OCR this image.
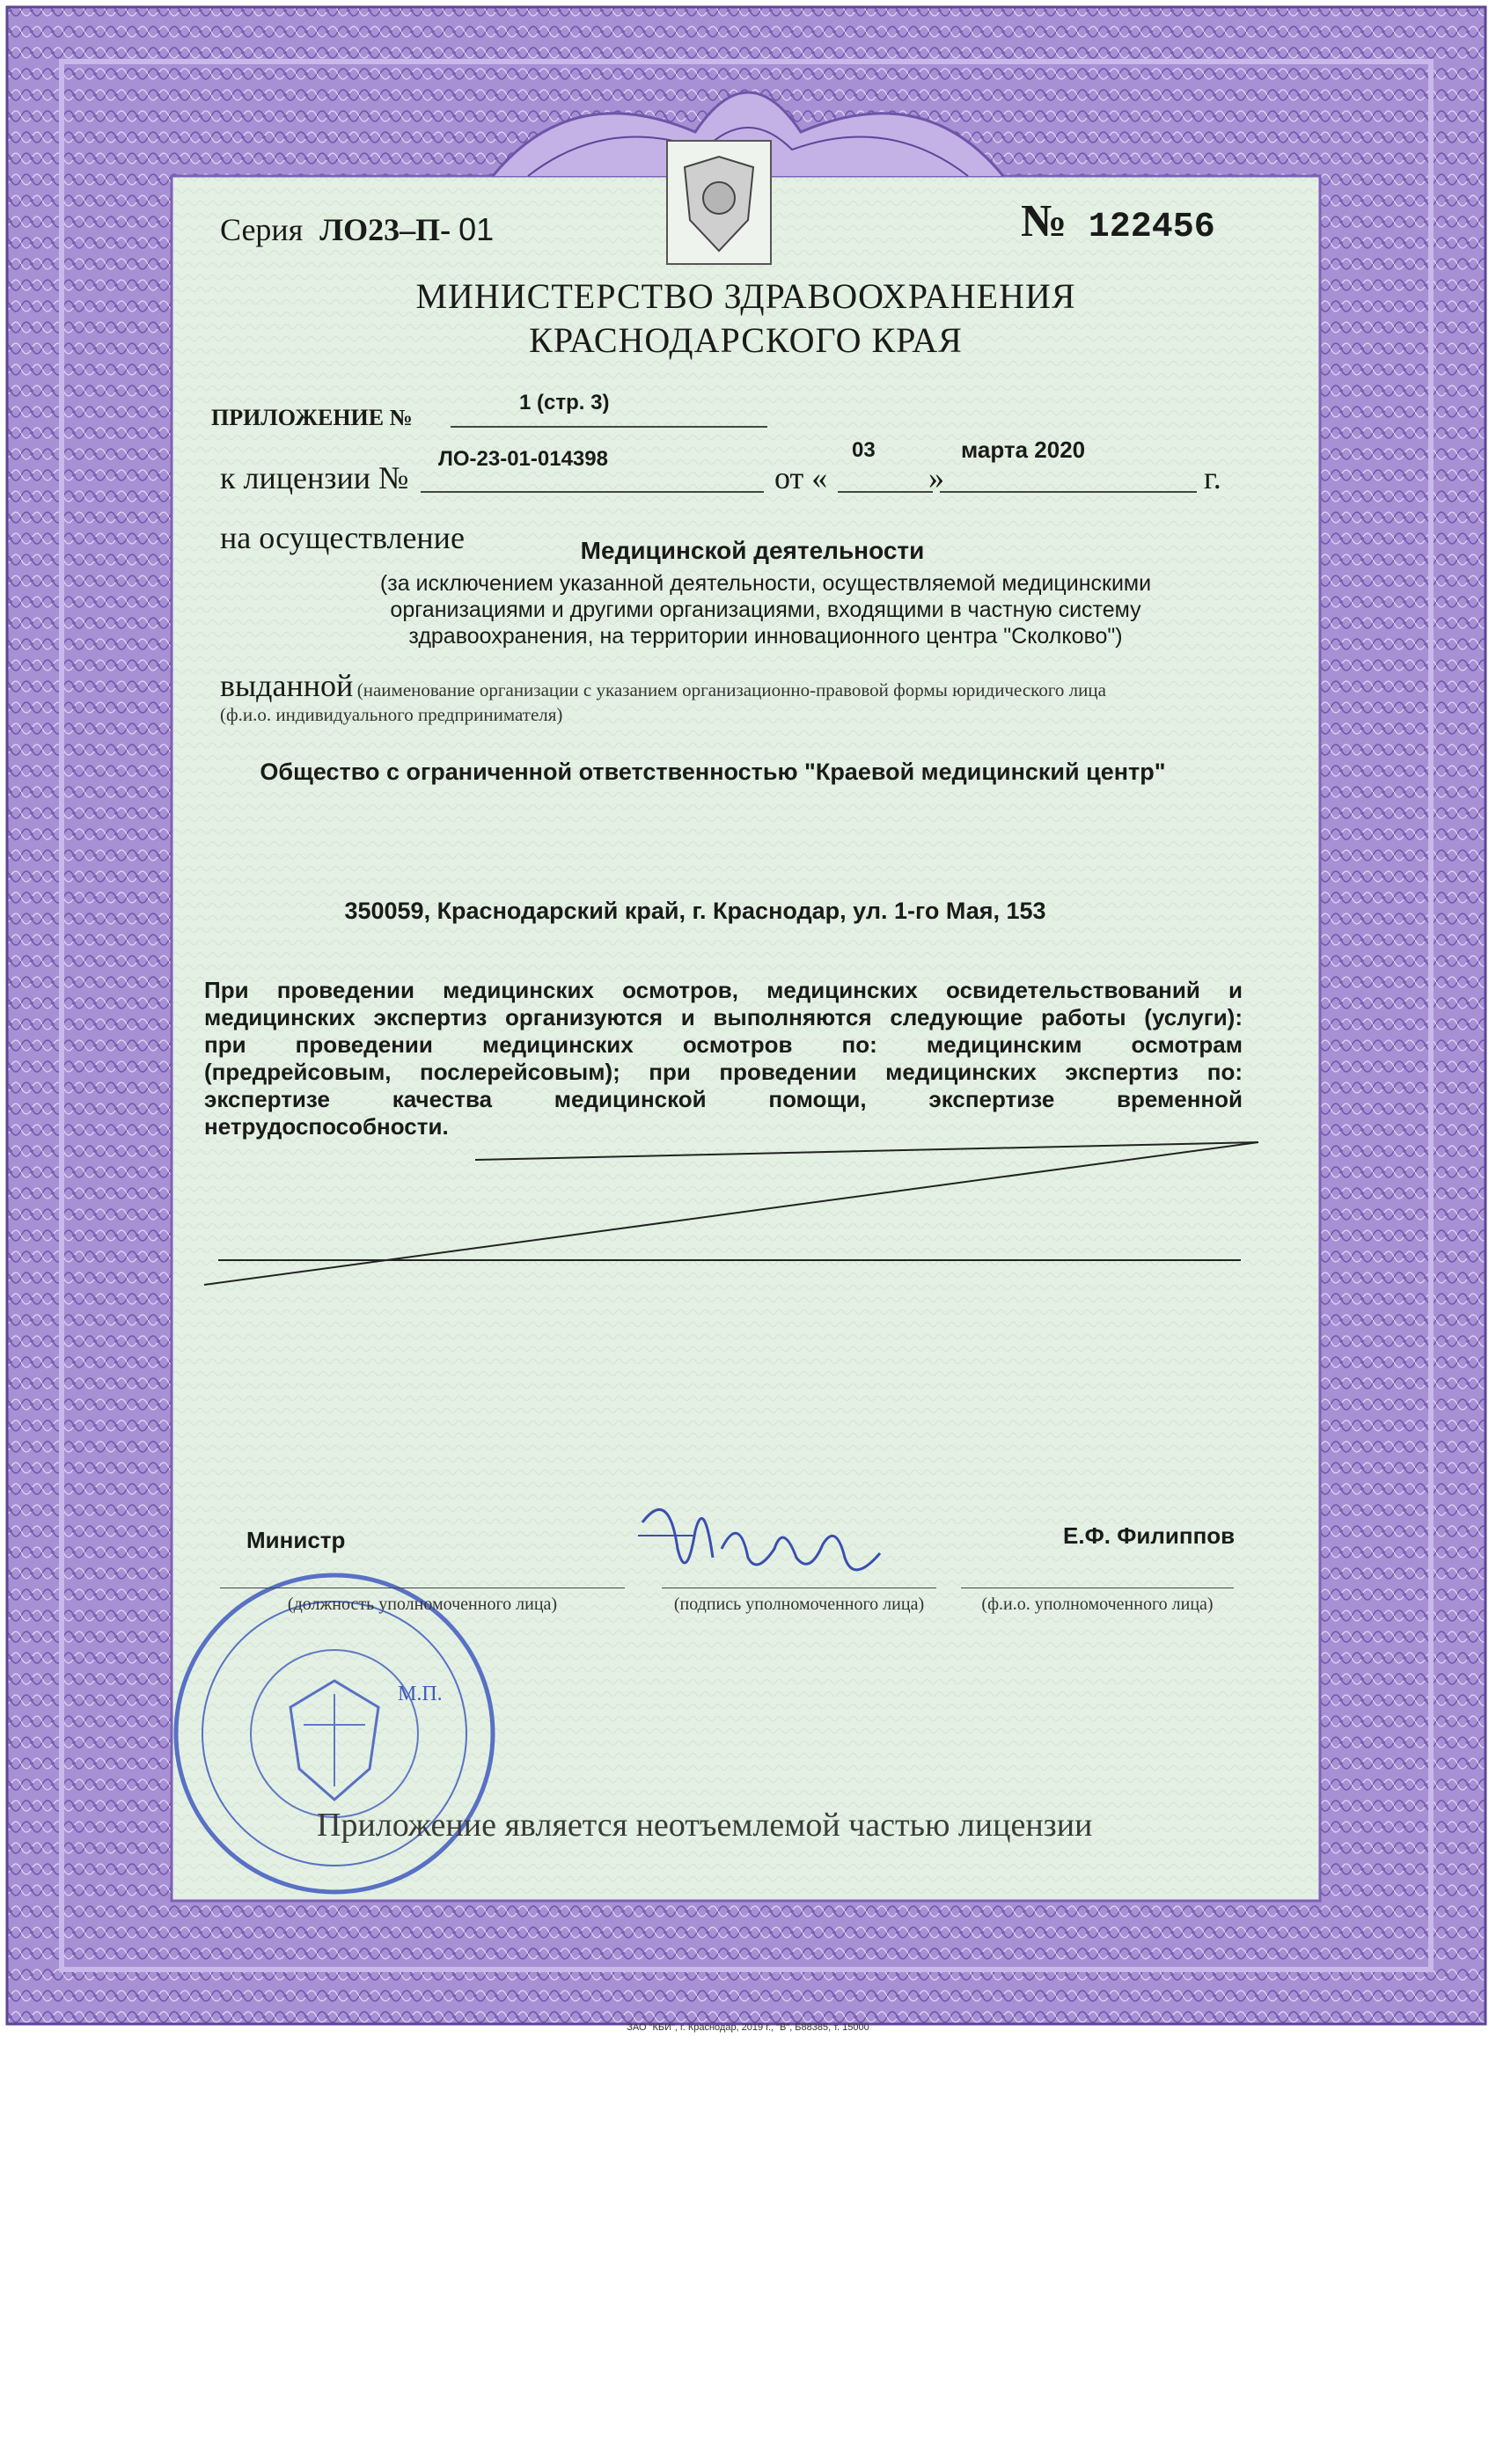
Серия ЛО23–П- 01	№ 122456
МИНИСТЕРСТВО ЗДРАВООХРАНЕНИЯ
КРАСНОДАРСКОГО КРАЯ
ПРИЛОЖЕНИЕ №
1 (стр. 3)
к лицензии №
ЛО-23-01-014398
от «
03
»
марта 2020
г.
на осуществление	Медицинской деятельности
(за исключением указанной деятельности, осуществляемой медицинскими
организациями и другими организациями, входящими в частную систему
здравоохранения, на территории инновационного центра "Сколково")
выданной (наименование организации с указанием организационно-правовой формы юридического лица
(ф.и.о. индивидуального предпринимателя)
Общество с ограниченной ответственностью "Краевой медицинский центр"
350059, Краснодарский край, г. Краснодар, ул. 1-го Мая, 153
При проведении медицинских осмотров, медицинских освидетельствований и
медицинских экспертиз организуются и выполняются следующие работы (услуги):
при проведении медицинских осмотров по: медицинским осмотрам
(предрейсовым, послерейсовым); при проведении медицинских экспертиз по:
экспертизе качества медицинской помощи, экспертизе временной
нетрудоспособности.
Министр	Е.Ф. Филиппов
(должность уполномоченного лица)	(подпись уполномоченного лица)	(ф.и.о. уполномоченного лица)
М.П.
Приложение является неотъемлемой частью лицензии
ЗАО "КБИ", г. Краснодар, 2019 г., "В", Б88385, т. 15000
